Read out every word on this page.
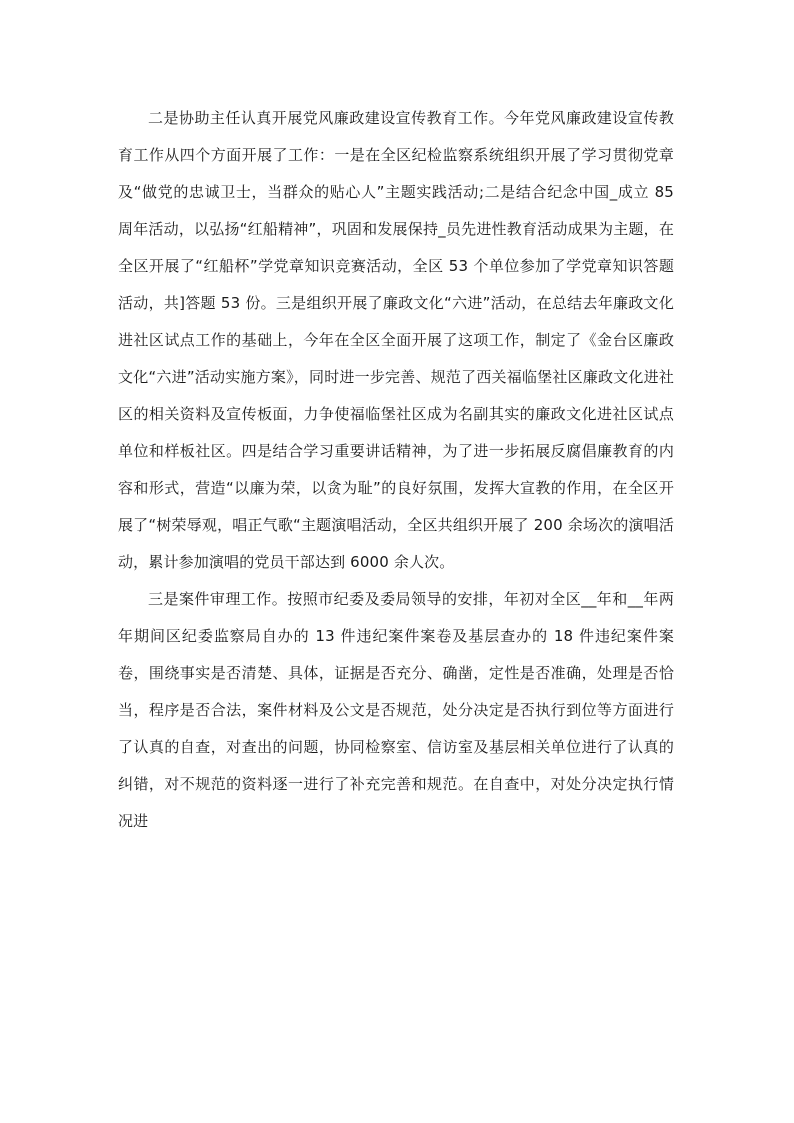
二是协助主任认真开展党风廉政建设宣传教育工作。今年党风廉政建设宣传教育工作从四个方面开展了工作：一是在全区纪检监察系统组织开展了学习贯彻党章及“做党的忠诚卫士，当群众的贴心人”主题实践活动;二是结合纪念中国_成立 85 周年活动，以弘扬“红船精神”，巩固和发展保持_员先进性教育活动成果为主题，在全区开展了“红船杯”学党章知识竞赛活动，全区 53 个单位参加了学党章知识答题活动，共]答题 53 份。三是组织开展了廉政文化“六进”活动，在总结去年廉政文化进社区试点工作的基础上，今年在全区全面开展了这项工作，制定了《金台区廉政文化“六进”活动实施方案》，同时进一步完善、规范了西关福临堡社区廉政文化进社区的相关资料及宣传板面，力争使福临堡社区成为名副其实的廉政文化进社区试点单位和样板社区。四是结合学习重要讲话精神，为了进一步拓展反腐倡廉教育的内容和形式，营造“以廉为荣，以贪为耻”的良好氛围，发挥大宣教的作用，在全区开展了“树荣辱观，唱正气歌“主题演唱活动，全区共组织开展了 200 余场次的演唱活动，累计参加演唱的党员干部达到 6000 余人次。

三是案件审理工作。按照市纪委及委局领导的安排，年初对全区__年和__年两年期间区纪委监察局自办的 13 件违纪案件案卷及基层查办的 18 件违纪案件案卷，围绕事实是否清楚、具体，证据是否充分、确凿，定性是否准确，处理是否恰当，程序是否合法，案件材料及公文是否规范，处分决定是否执行到位等方面进行了认真的自查，对查出的问题，协同检察室、信访室及基层相关单位进行了认真的纠错，对不规范的资料逐一进行了补充完善和规范。在自查中，对处分决定执行情况进
